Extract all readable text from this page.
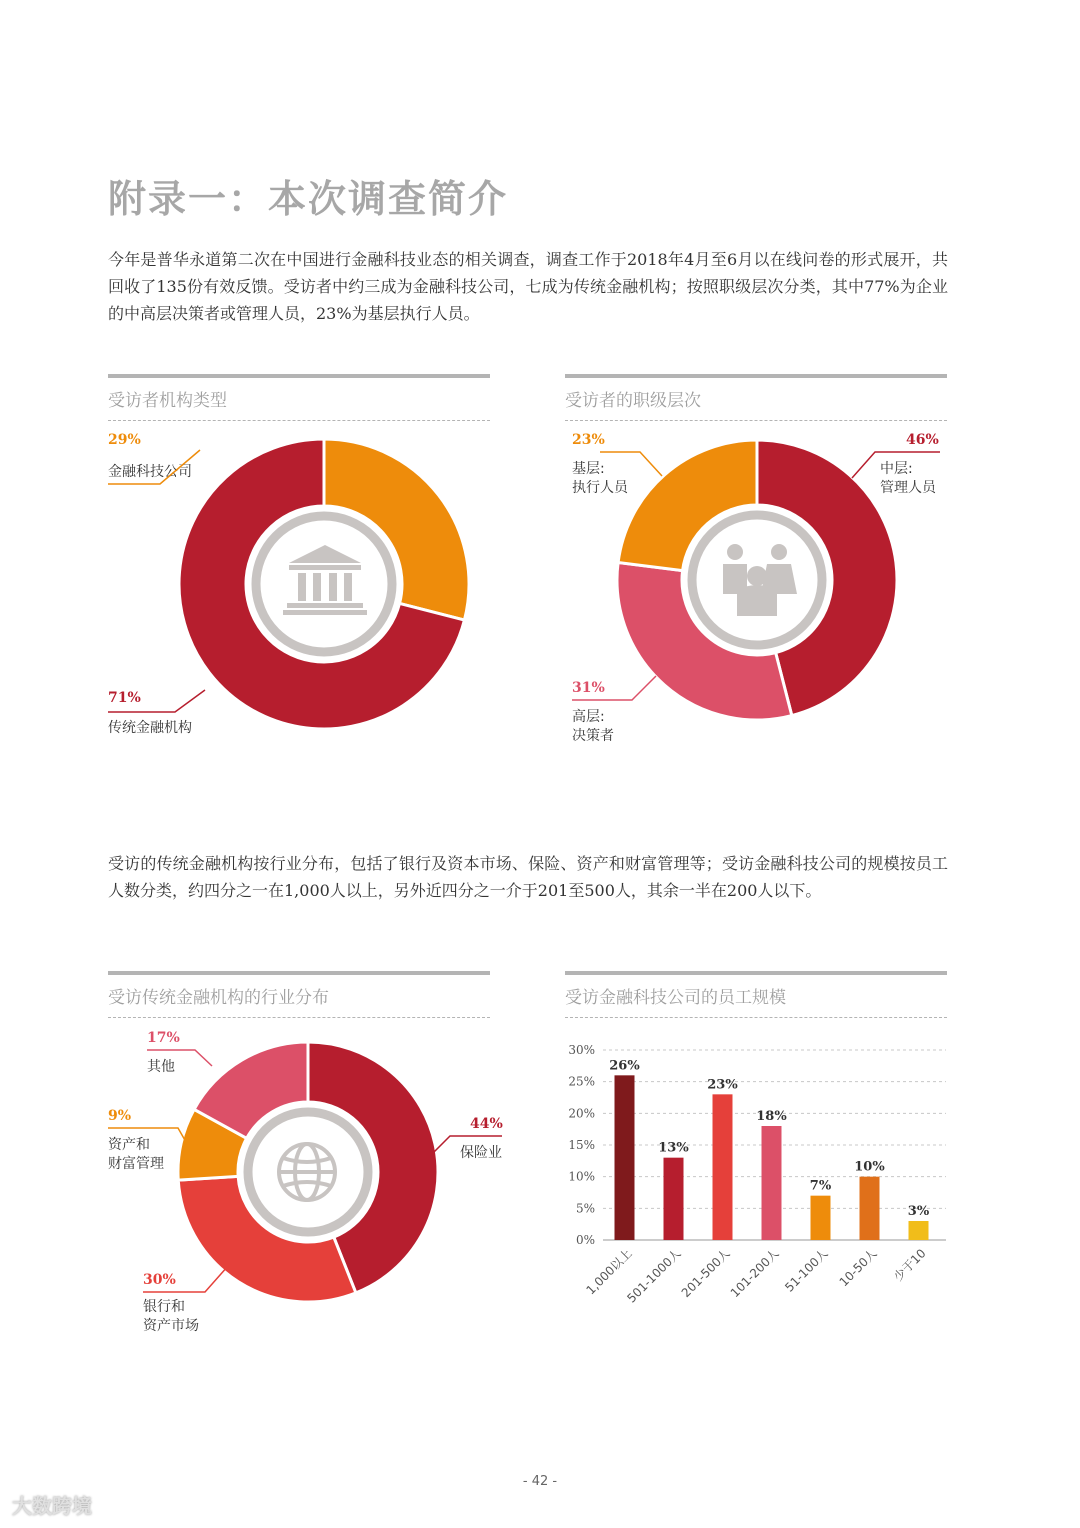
附录一：本次调查简介
今年是普华永道第二次在中国进行金融科技业态的相关调查，调查工作于2018年4月至6月以在线问卷的形式展开，共回收了135份有效反馈。受访者中约三成为金融科技公司，七成为传统金融机构；按照职级层次分类，其中77%为企业的中高层决策者或管理人员，23%为基层执行人员。
受访者机构类型	受访者的职级层次
29%
金融科技公司
71%
传统金融机构
23%
基层:
执行人员
46%
中层:
管理人员
31%
高层:
决策者
受访的传统金融机构按行业分布，包括了银行及资本市场、保险、资产和财富管理等；受访金融科技公司的规模按员工人数分类，约四分之一在1,000人以上，另外近四分之一介于201至500人，其余一半在200人以下。
受访传统金融机构的行业分布	受访金融科技公司的员工规模
17%
其他
9%
资产和
财富管理
44%
保险业
30%
银行和
资产市场
0%
5%
10%
15%
20%
25%
30%
26%
1,000以上
13%
501-1000人
23%
201-500人
18%
101-200人
7%
51-100人
10%
10-50人
3%
少于10
- 42 -
大数跨境
